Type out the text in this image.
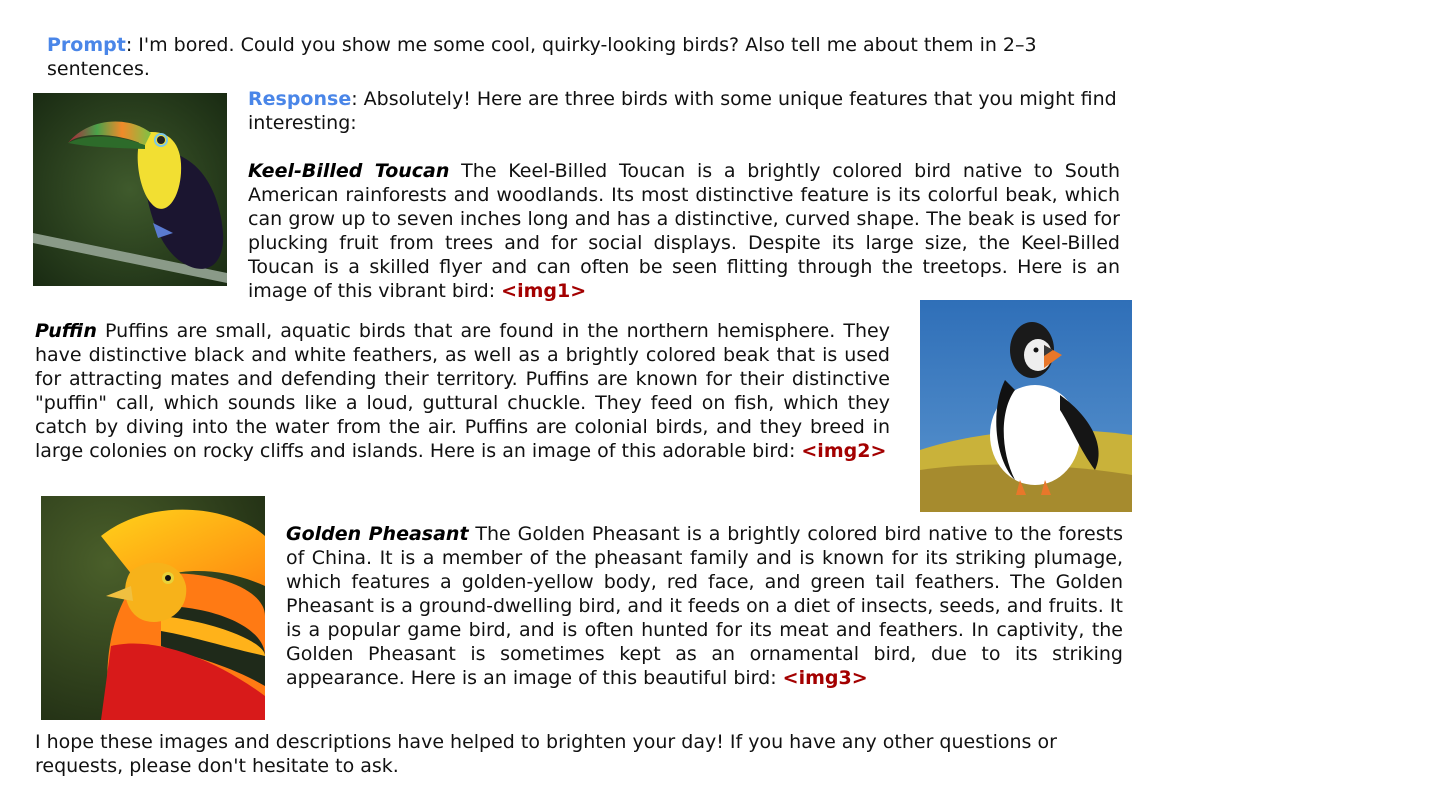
Prompt: I'm bored. Could you show me some cool, quirky-looking birds? Also tell me about them in 2–3 sentences.
Response: Absolutely! Here are three birds with some unique features that you might find interesting:
Keel-Billed Toucan The Keel-Billed Toucan is a brightly colored bird native to South American rainforests and woodlands. Its most distinctive feature is its colorful beak, which can grow up to seven inches long and has a distinctive, curved shape. The beak is used for plucking fruit from trees and for social displays. Despite its large size, the Keel-Billed Toucan is a skilled flyer and can often be seen flitting through the treetops. Here is an image of this vibrant bird: <img1>
Puffin Puffins are small, aquatic birds that are found in the northern hemisphere. They have distinctive black and white feathers, as well as a brightly colored beak that is used for attracting mates and defending their territory. Puffins are known for their distinctive "puffin" call, which sounds like a loud, guttural chuckle. They feed on fish, which they catch by diving into the water from the air. Puffins are colonial birds, and they breed in large colonies on rocky cliffs and islands. Here is an image of this adorable bird: <img2>
Golden Pheasant The Golden Pheasant is a brightly colored bird native to the forests of China. It is a member of the pheasant family and is known for its striking plumage, which features a golden-yellow body, red face, and green tail feathers. The Golden Pheasant is a ground-dwelling bird, and it feeds on a diet of insects, seeds, and fruits. It is a popular game bird, and is often hunted for its meat and feathers. In captivity, the Golden Pheasant is sometimes kept as an ornamental bird, due to its striking appearance. Here is an image of this beautiful bird: <img3>
I hope these images and descriptions have helped to brighten your day! If you have any other questions or requests, please don't hesitate to ask.
